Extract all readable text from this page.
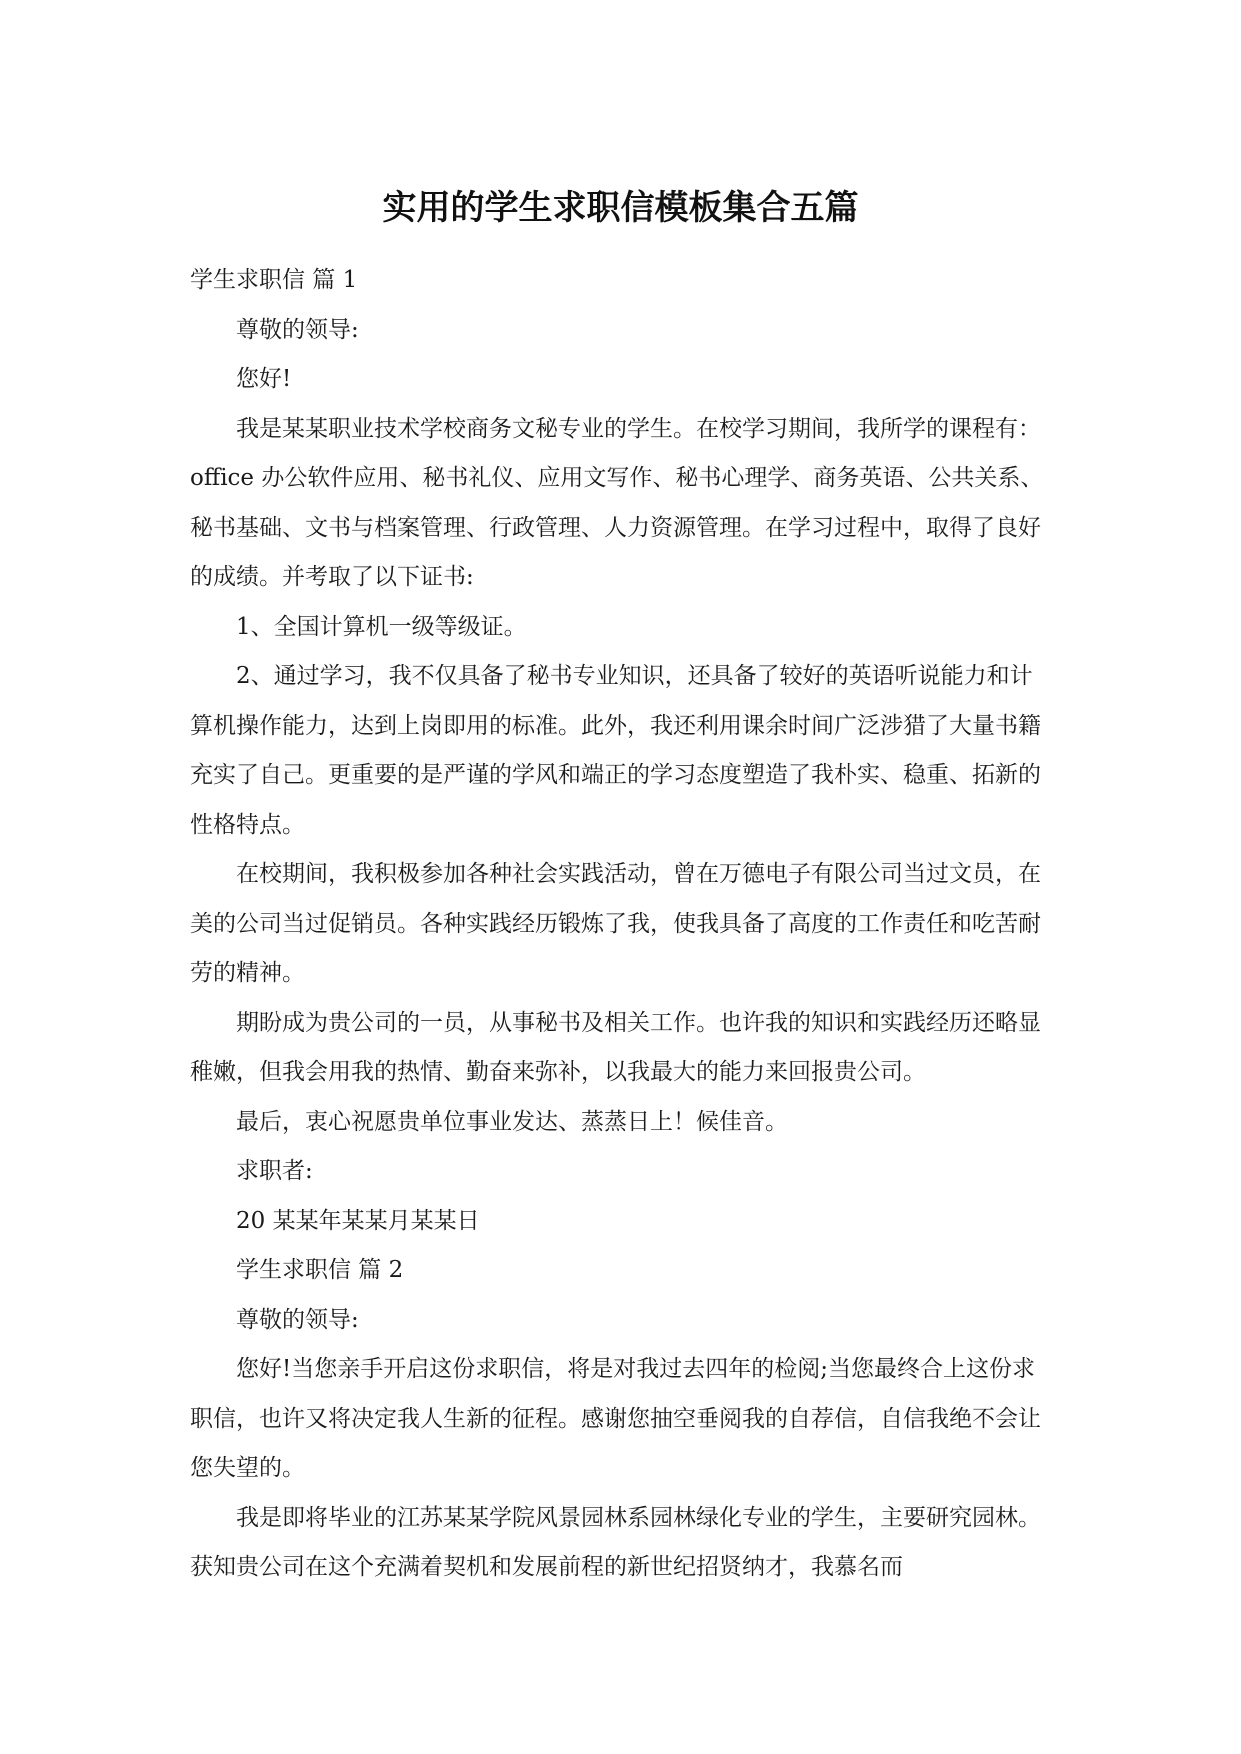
实用的学生求职信模板集合五篇

学生求职信 篇 1

尊敬的领导:

您好!

我是某某职业技术学校商务文秘专业的学生。在校学习期间，我所学的课程有：office 办公软件应用、秘书礼仪、应用文写作、秘书心理学、商务英语、公共关系、秘书基础、文书与档案管理、行政管理、人力资源管理。在学习过程中，取得了良好的成绩。并考取了以下证书:

1、全国计算机一级等级证。

2、通过学习，我不仅具备了秘书专业知识，还具备了较好的英语听说能力和计算机操作能力，达到上岗即用的标准。此外，我还利用课余时间广泛涉猎了大量书籍充实了自己。更重要的是严谨的学风和端正的学习态度塑造了我朴实、稳重、拓新的性格特点。

在校期间，我积极参加各种社会实践活动，曾在万德电子有限公司当过文员，在美的公司当过促销员。各种实践经历锻炼了我，使我具备了高度的工作责任和吃苦耐劳的精神。

期盼成为贵公司的一员，从事秘书及相关工作。也许我的知识和实践经历还略显稚嫩，但我会用我的热情、勤奋来弥补，以我最大的能力来回报贵公司。

最后，衷心祝愿贵单位事业发达、蒸蒸日上！候佳音。

求职者:

20 某某年某某月某某日

学生求职信 篇 2

尊敬的领导:

您好!当您亲手开启这份求职信，将是对我过去四年的检阅;当您最终合上这份求职信，也许又将决定我人生新的征程。感谢您抽空垂阅我的自荐信，自信我绝不会让您失望的。

我是即将毕业的江苏某某学院风景园林系园林绿化专业的学生，主要研究园林。获知贵公司在这个充满着契机和发展前程的新世纪招贤纳才，我慕名而
